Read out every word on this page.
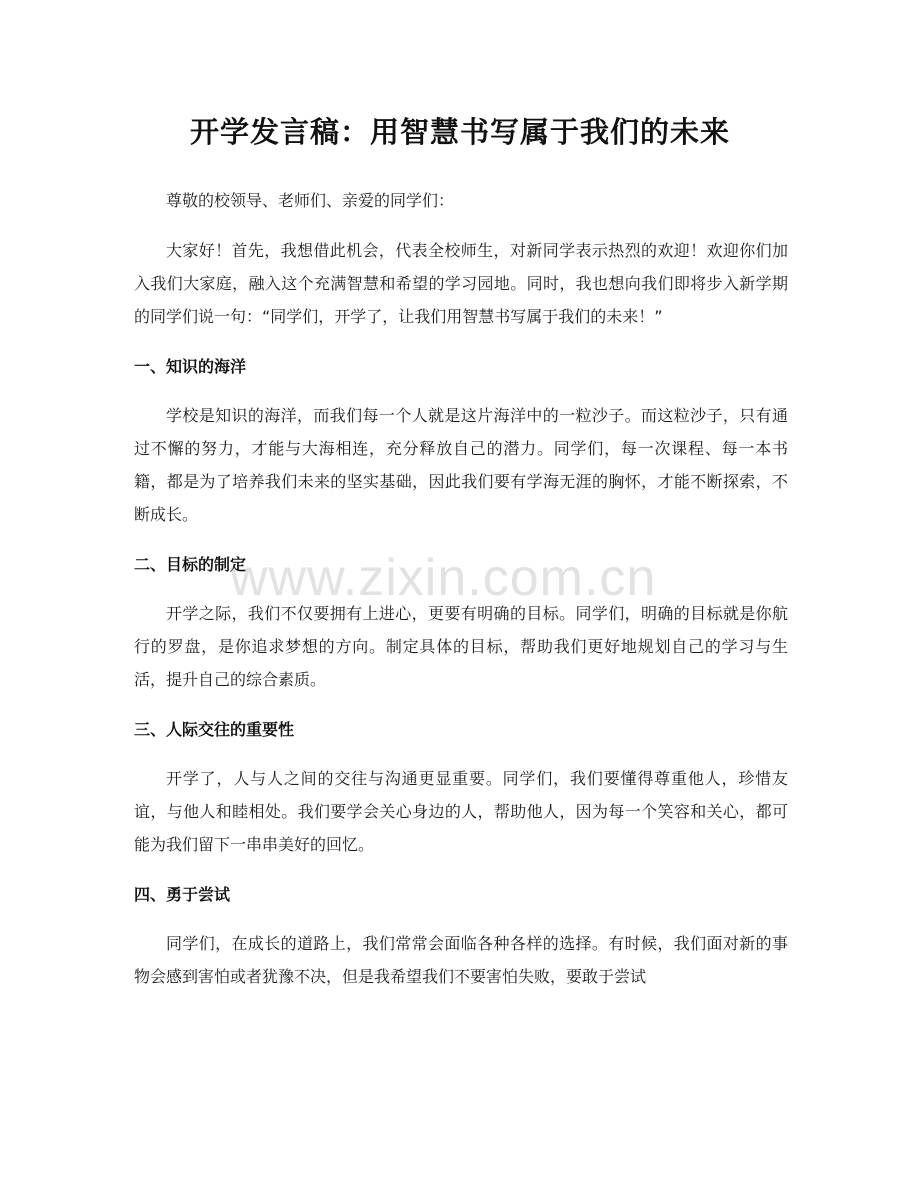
开学发言稿：用智慧书写属于我们的未来

尊敬的校领导、老师们、亲爱的同学们：

大家好！首先，我想借此机会，代表全校师生，对新同学表示热烈的欢迎！欢迎你们加入我们大家庭，融入这个充满智慧和希望的学习园地。同时，我也想向我们即将步入新学期的同学们说一句：“同学们，开学了，让我们用智慧书写属于我们的未来！”

一、知识的海洋

学校是知识的海洋，而我们每一个人就是这片海洋中的一粒沙子。而这粒沙子，只有通过不懈的努力，才能与大海相连，充分释放自己的潜力。同学们，每一次课程、每一本书籍，都是为了培养我们未来的坚实基础，因此我们要有学海无涯的胸怀，才能不断探索，不断成长。

二、目标的制定

开学之际，我们不仅要拥有上进心，更要有明确的目标。同学们，明确的目标就是你航行的罗盘，是你追求梦想的方向。制定具体的目标，帮助我们更好地规划自己的学习与生活，提升自己的综合素质。

三、人际交往的重要性

开学了，人与人之间的交往与沟通更显重要。同学们，我们要懂得尊重他人，珍惜友谊，与他人和睦相处。我们要学会关心身边的人，帮助他人，因为每一个笑容和关心，都可能为我们留下一串串美好的回忆。

四、勇于尝试

同学们，在成长的道路上，我们常常会面临各种各样的选择。有时候，我们面对新的事物会感到害怕或者犹豫不决，但是我希望我们不要害怕失败，要敢于尝试

www.zixin.com.cn
